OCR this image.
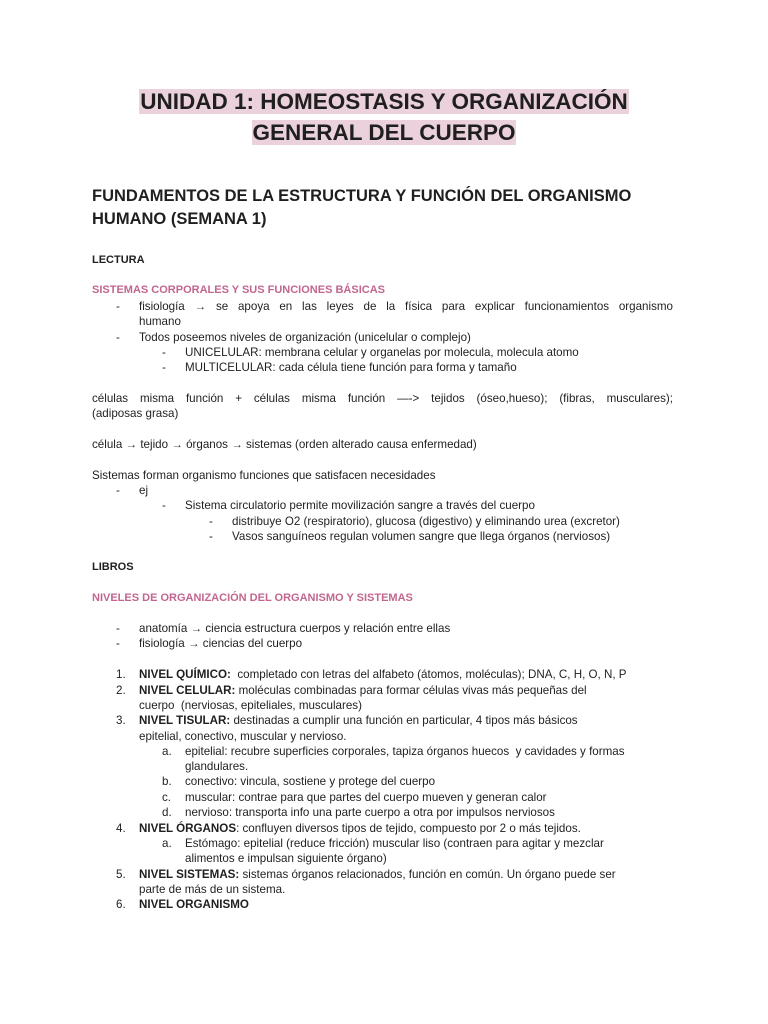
UNIDAD 1: HOMEOSTASIS Y ORGANIZACIÓN
GENERAL DEL CUERPO
FUNDAMENTOS DE LA ESTRUCTURA Y FUNCIÓN DEL ORGANISMO
HUMANO (SEMANA 1)
LECTURA
SISTEMAS CORPORALES Y SUS FUNCIONES BÁSICAS
- fisiología → se apoya en las leyes de la física para explicar funcionamientos organismo
humano
- Todos poseemos niveles de organización (unicelular o complejo)
- UNICELULAR: membrana celular y organelas por molecula, molecula atomo
- MULTICELULAR: cada célula tiene función para forma y tamaño
células misma función + células misma función —-> tejidos (óseo,hueso); (fibras, musculares);
(adiposas grasa)
célula → tejido → órganos → sistemas (orden alterado causa enfermedad)
Sistemas forman organismo funciones que satisfacen necesidades
- ej
- Sistema circulatorio permite movilización sangre a través del cuerpo
- distribuye O2 (respiratorio), glucosa (digestivo) y eliminando urea (excretor)
- Vasos sanguíneos regulan volumen sangre que llega órganos (nerviosos)
LIBROS
NIVELES DE ORGANIZACIÓN DEL ORGANISMO Y SISTEMAS
- anatomía → ciencia estructura cuerpos y relación entre ellas
- fisiología → ciencias del cuerpo
1. NIVEL QUÍMICO:  completado con letras del alfabeto (átomos, moléculas); DNA, C, H, O, N, P
2. NIVEL CELULAR: moléculas combinadas para formar células vivas más pequeñas del
cuerpo  (nerviosas, epiteliales, musculares)
3. NIVEL TISULAR: destinadas a cumplir una función en particular, 4 tipos más básicos
epitelial, conectivo, muscular y nervioso.
a. epitelial: recubre superficies corporales, tapiza órganos huecos  y cavidades y formas
glandulares.
b. conectivo: vincula, sostiene y protege del cuerpo
c. muscular: contrae para que partes del cuerpo mueven y generan calor
d. nervioso: transporta info una parte cuerpo a otra por impulsos nerviosos
4. NIVEL ÓRGANOS: confluyen diversos tipos de tejido, compuesto por 2 o más tejidos.
a. Estómago: epitelial (reduce fricción) muscular liso (contraen para agitar y mezclar
alimentos e impulsan siguiente órgano)
5. NIVEL SISTEMAS: sistemas órganos relacionados, función en común. Un órgano puede ser
parte de más de un sistema.
6. NIVEL ORGANISMO
